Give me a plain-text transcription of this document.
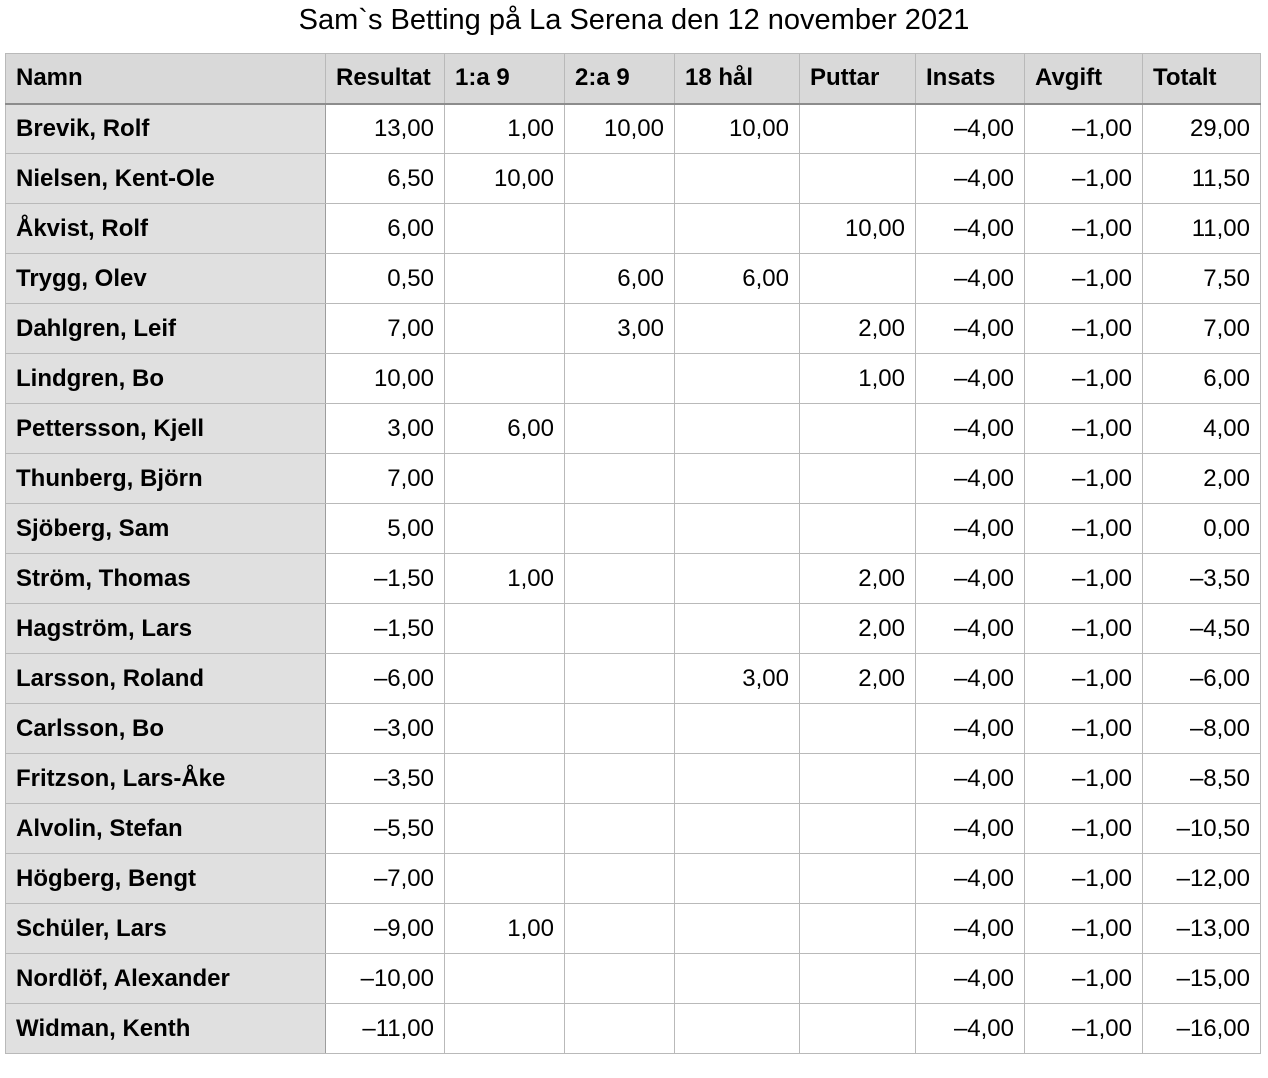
Sam`s Betting på La Serena den 12 november 2021
Namn	Resultat	1:a 9	2:a 9	18 hål	Puttar	Insats	Avgift	Totalt
Brevik, Rolf	13,00	1,00	10,00	10,00		–4,00	–1,00	29,00
Nielsen, Kent-Ole	6,50	10,00				–4,00	–1,00	11,50
Åkvist, Rolf	6,00				10,00	–4,00	–1,00	11,00
Trygg, Olev	0,50		6,00	6,00		–4,00	–1,00	7,50
Dahlgren, Leif	7,00		3,00		2,00	–4,00	–1,00	7,00
Lindgren, Bo	10,00				1,00	–4,00	–1,00	6,00
Pettersson, Kjell	3,00	6,00				–4,00	–1,00	4,00
Thunberg, Björn	7,00					–4,00	–1,00	2,00
Sjöberg, Sam	5,00					–4,00	–1,00	0,00
Ström, Thomas	–1,50	1,00			2,00	–4,00	–1,00	–3,50
Hagström, Lars	–1,50				2,00	–4,00	–1,00	–4,50
Larsson, Roland	–6,00			3,00	2,00	–4,00	–1,00	–6,00
Carlsson, Bo	–3,00					–4,00	–1,00	–8,00
Fritzson, Lars-Åke	–3,50					–4,00	–1,00	–8,50
Alvolin, Stefan	–5,50					–4,00	–1,00	–10,50
Högberg, Bengt	–7,00					–4,00	–1,00	–12,00
Schüler, Lars	–9,00	1,00				–4,00	–1,00	–13,00
Nordlöf, Alexander	–10,00					–4,00	–1,00	–15,00
Widman, Kenth	–11,00					–4,00	–1,00	–16,00
